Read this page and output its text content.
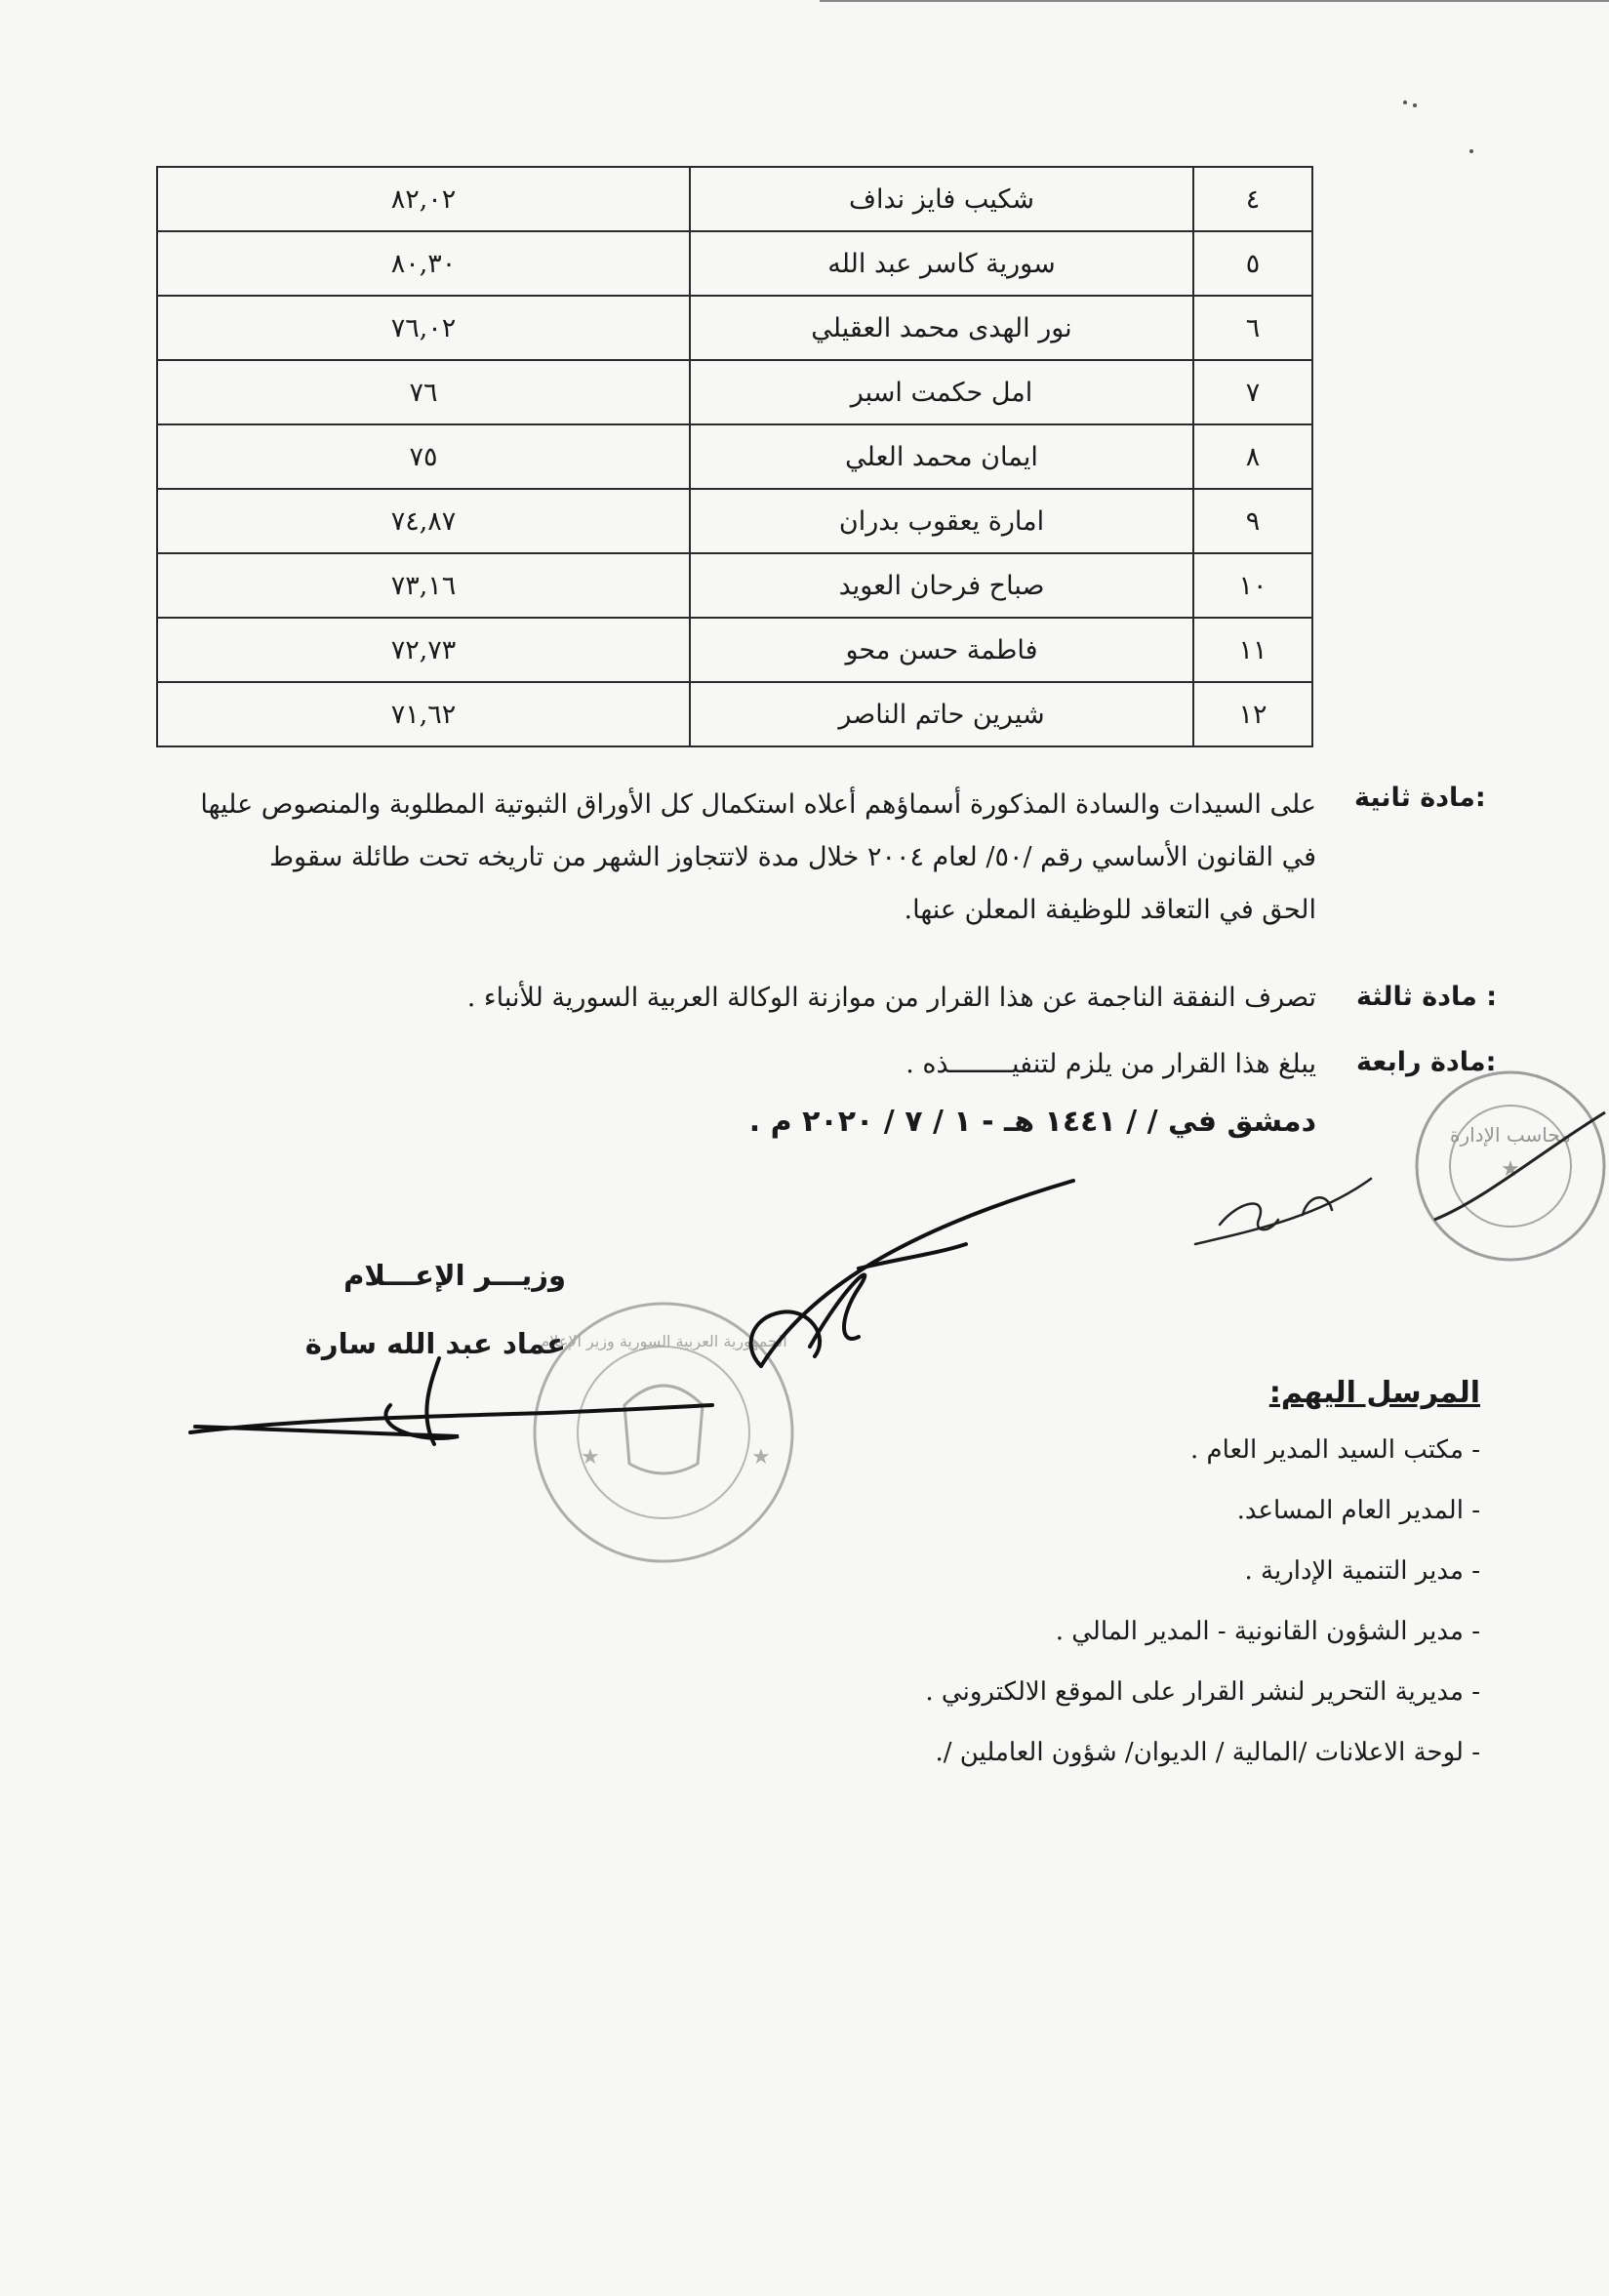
٤	شكيب فايز نداف	٨٢,٠٢
٥	سورية كاسر عبد الله	٨٠,٣٠
٦	نور الهدى محمد العقيلي	٧٦,٠٢
٧	امل حكمت اسبر	٧٦
٨	ايمان محمد العلي	٧٥
٩	امارة يعقوب بدران	٧٤,٨٧
١٠	صباح فرحان العويد	٧٣,١٦
١١	فاطمة حسن محو	٧٢,٧٣
١٢	شيرين حاتم الناصر	٧١,٦٢
مادة ثانية:
على السيدات والسادة المذكورة أسماؤهم أعلاه استكمال كل الأوراق الثبوتية المطلوبة والمنصوص عليها
في القانون الأساسي رقم /٥٠/ لعام ٢٠٠٤ خلال مدة لاتتجاوز الشهر من تاريخه تحت طائلة سقوط
الحق في التعاقد للوظيفة المعلن عنها.
مادة ثالثة :
تصرف النفقة الناجمة عن هذا القرار من موازنة الوكالة العربية السورية للأنباء .
مادة رابعة:
يبلغ هذا القرار من يلزم لتنفيــــــــذه .
دمشق في / / ١٤٤١ هـ - ١ / ٧ / ٢٠٢٠ م .
وزيـــر الإعـــلام
عماد عبد الله سارة
المرسل اليهم:
- مكتب السيد المدير العام .
- المدير العام المساعد.
- مدير التنمية الإدارية .
- مدير الشؤون القانونية - المدير المالي .
- مديرية التحرير لنشر القرار على الموقع الالكتروني .
- لوحة الاعلانات /المالية / الديوان/ شؤون العاملين /.
محاسب الإدارة
★
★	★
الجمهورية العربية السورية وزير الإعلام
